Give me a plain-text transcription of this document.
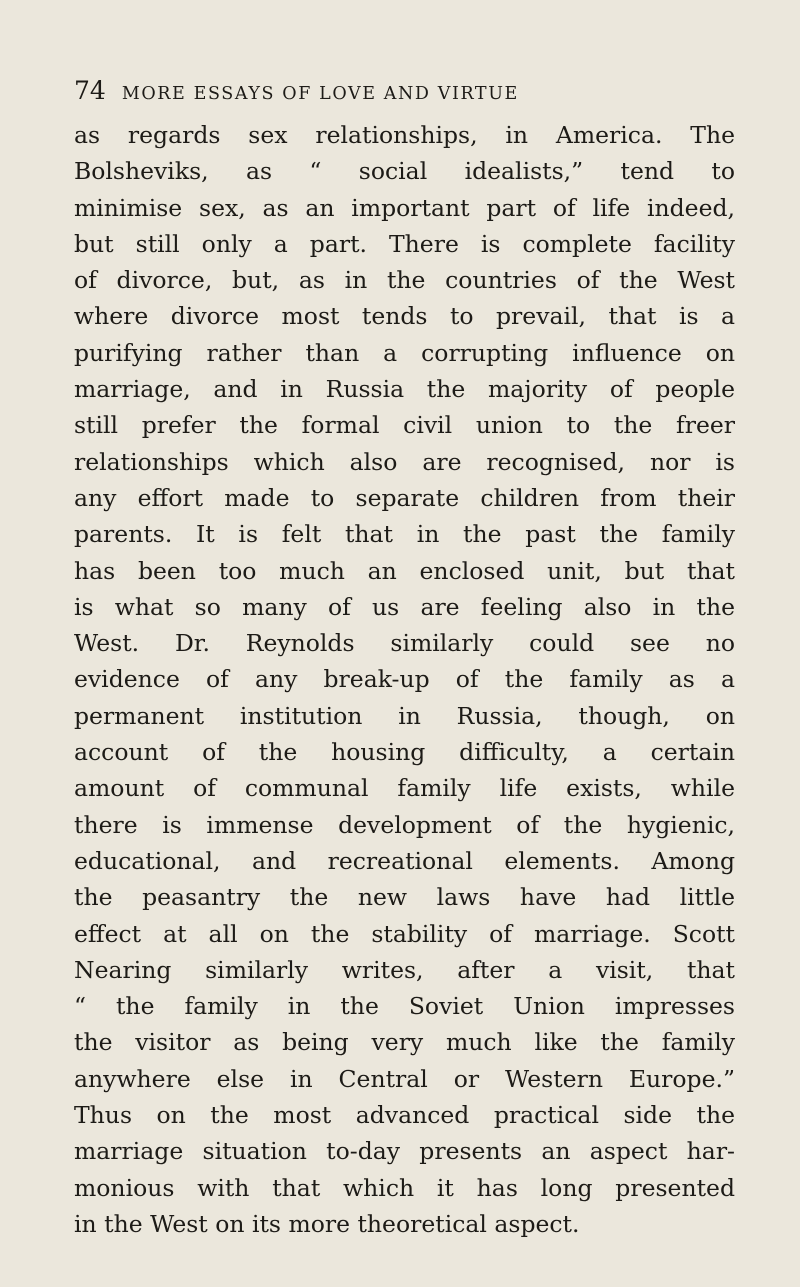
74 MORE ESSAYS OF LOVE AND VIRTUE
as regards sex relationships, in America. The
Bolsheviks, as “ social idealists,” tend to
minimise sex, as an important part of life indeed,
but still only a part. There is complete facility
of divorce, but, as in the countries of the West
where divorce most tends to prevail, that is a
purifying rather than a corrupting influence on
marriage, and in Russia the majority of people
still prefer the formal civil union to the freer
relationships which also are recognised, nor is
any effort made to separate children from their
parents. It is felt that in the past the family
has been too much an enclosed unit, but that
is what so many of us are feeling also in the
West. Dr. Reynolds similarly could see no
evidence of any break-up of the family as a
permanent institution in Russia, though, on
account of the housing difficulty, a certain
amount of communal family life exists, while
there is immense development of the hygienic,
educational, and recreational elements. Among
the peasantry the new laws have had little
effect at all on the stability of marriage. Scott
Nearing similarly writes, after a visit, that
“ the family in the Soviet Union impresses
the visitor as being very much like the family
anywhere else in Central or Western Europe.”
Thus on the most advanced practical side the
marriage situation to-day presents an aspect har-
monious with that which it has long presented
in the West on its more theoretical aspect.
